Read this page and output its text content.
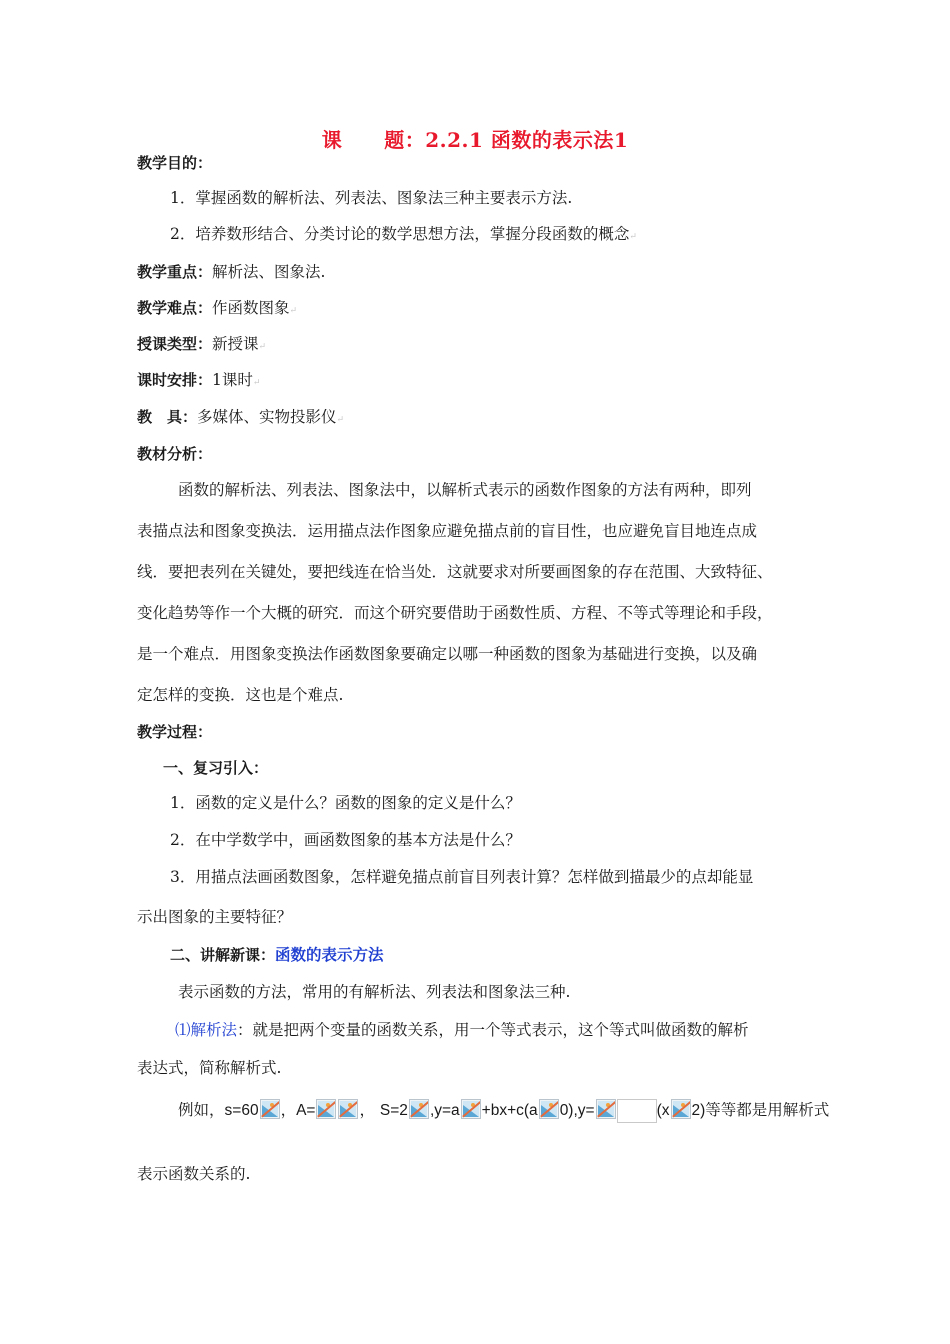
课 题：2.2.1 函数的表示法1
教学目的：
1．掌握函数的解析法、列表法、图象法三种主要表示方法.
2．培养数形结合、分类讨论的数学思想方法，掌握分段函数的概念↵
教学重点：解析法、图象法.
教学难点：作函数图象↵
授课类型：新授课↵
课时安排：1课时↵
教　具：多媒体、实物投影仪↵
教材分析：
函数的解析法、列表法、图象法中，以解析式表示的函数作图象的方法有两种，即列
表描点法和图象变换法．运用描点法作图象应避免描点前的盲目性，也应避免盲目地连点成
线．要把表列在关键处，要把线连在恰当处．这就要求对所要画图象的存在范围、大致特征、
变化趋势等作一个大概的研究．而这个研究要借助于函数性质、方程、不等式等理论和手段，
是一个难点．用图象变换法作函数图象要确定以哪一种函数的图象为基础进行变换，以及确
定怎样的变换．这也是个难点.
教学过程：
一、复习引入：
1．函数的定义是什么？函数的图象的定义是什么？
2．在中学数学中，画函数图象的基本方法是什么？
3．用描点法画函数图象，怎样避免描点前盲目列表计算？怎样做到描最少的点却能显
示出图象的主要特征？
二、讲解新课：函数的表示方法
表示函数的方法，常用的有解析法、列表法和图象法三种.
⑴解析法：就是把两个变量的函数关系，用一个等式表示，这个等式叫做函数的解析
表达式，简称解析式.
例如，s=60 ，A=	， S=2 ,y=a +bx+c(a 0),y=	(x 2)等等都是用解析式
表示函数关系的.
